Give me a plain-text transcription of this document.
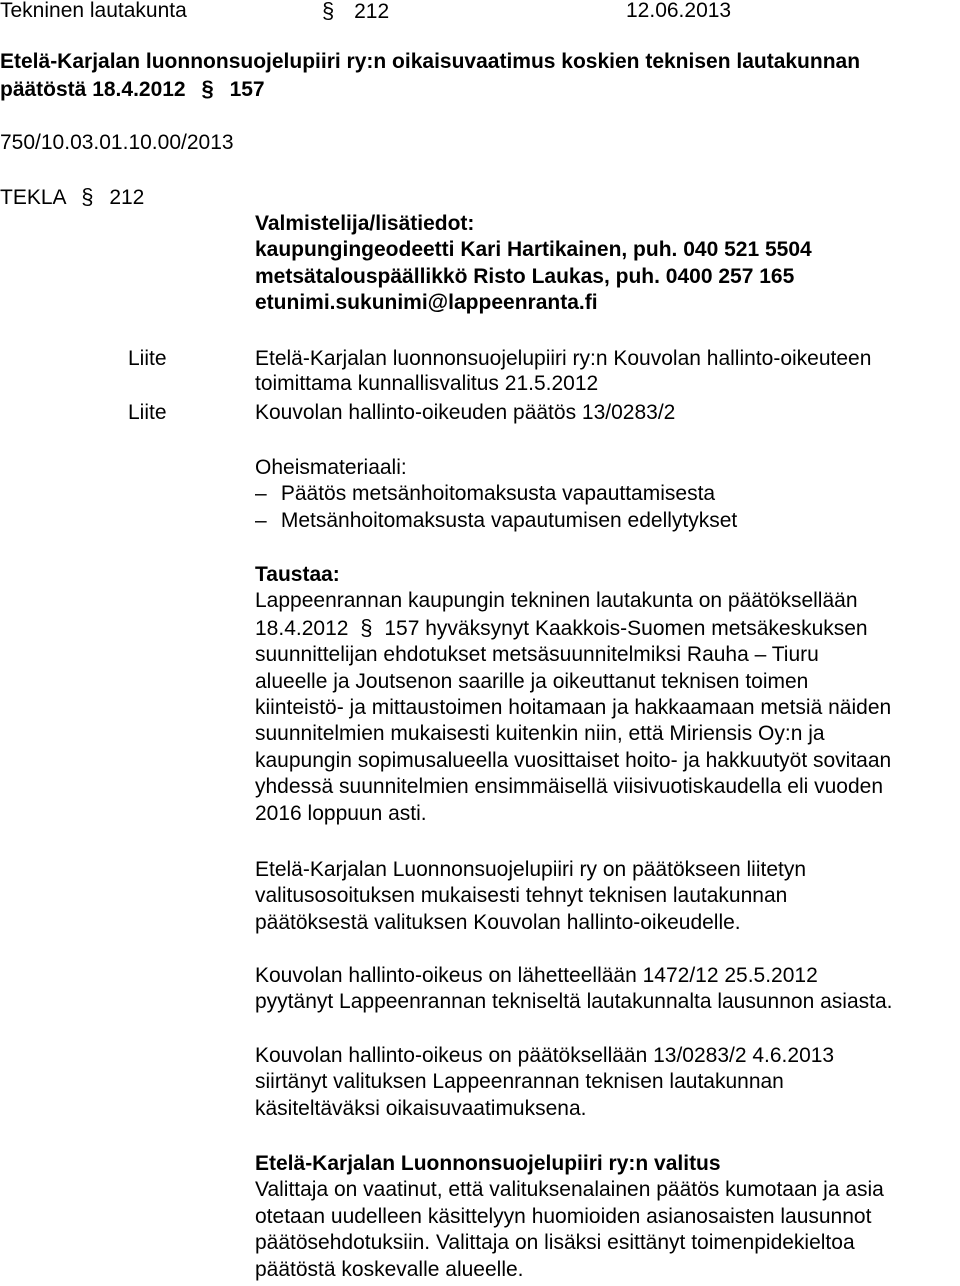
Tekninen lautakunta	§ 212	12.06.2013
Etelä-Karjalan luonnonsuojelupiiri ry:n oikaisuvaatimus koskien teknisen lautakunnan
päätöstä 18.4.2012 § 157
750/10.03.01.10.00/2013
TEKLA § 212
Valmistelija/lisätiedot:
kaupungingeodeetti Kari Hartikainen, puh. 040 521 5504
metsätalouspäällikkö Risto Laukas, puh. 0400 257 165
etunimi.sukunimi@lappeenranta.fi
Liite	Etelä-Karjalan luonnonsuojelupiiri ry:n Kouvolan hallinto-oikeuteen
toimittama kunnallisvalitus 21.5.2012
Liite	Kouvolan hallinto-oikeuden päätös 13/0283/2
Oheismateriaali:
– Päätös metsänhoitomaksusta vapauttamisesta
– Metsänhoitomaksusta vapautumisen edellytykset
Taustaa:
Lappeenrannan kaupungin tekninen lautakunta on päätöksellään
18.4.2012 § 157 hyväksynyt Kaakkois-Suomen metsäkeskuksen
suunnittelijan ehdotukset metsäsuunnitelmiksi Rauha – Tiuru
alueelle ja Joutsenon saarille ja oikeuttanut teknisen toimen
kiinteistö- ja mittaustoimen hoitamaan ja hakkaamaan metsiä näiden
suunnitelmien mukaisesti kuitenkin niin, että Miriensis Oy:n ja
kaupungin sopimusalueella vuosittaiset hoito- ja hakkuutyöt sovitaan
yhdessä suunnitelmien ensimmäisellä viisivuotiskaudella eli vuoden
2016 loppuun asti.
Etelä-Karjalan Luonnonsuojelupiiri ry on päätökseen liitetyn
valitusosoituksen mukaisesti tehnyt teknisen lautakunnan
päätöksestä valituksen Kouvolan hallinto-oikeudelle.
Kouvolan hallinto-oikeus on lähetteellään 1472/12 25.5.2012
pyytänyt Lappeenrannan tekniseltä lautakunnalta lausunnon asiasta.
Kouvolan hallinto-oikeus on päätöksellään 13/0283/2 4.6.2013
siirtänyt valituksen Lappeenrannan teknisen lautakunnan
käsiteltäväksi oikaisuvaatimuksena.
Etelä-Karjalan Luonnonsuojelupiiri ry:n valitus
Valittaja on vaatinut, että valituksenalainen päätös kumotaan ja asia
otetaan uudelleen käsittelyyn huomioiden asianosaisten lausunnot
päätösehdotuksiin. Valittaja on lisäksi esittänyt toimenpidekieltoa
päätöstä koskevalle alueelle.
